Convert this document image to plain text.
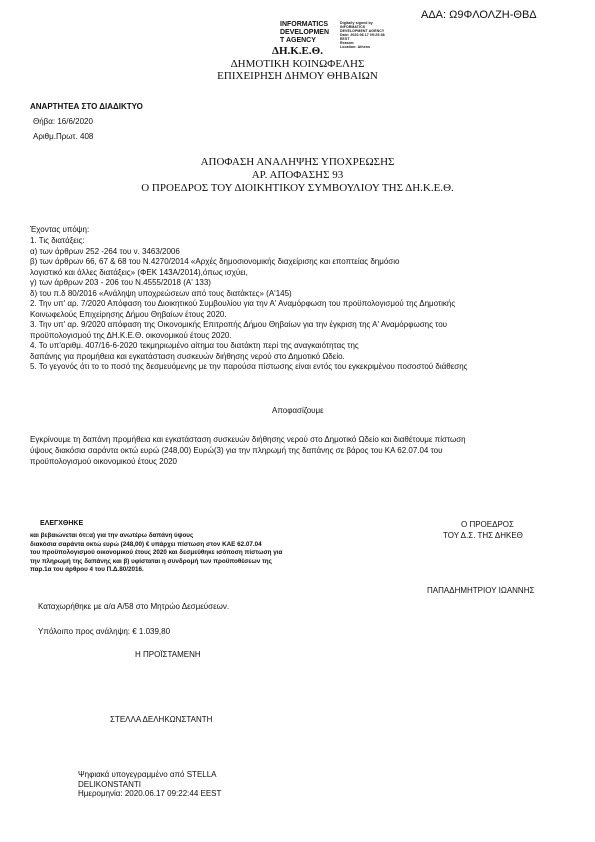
ΑΔΑ: Ω9ΦΛΟΛΖΗ-ΘΒΔ
INFORMATICS
DEVELOPMEN
T AGENCY
Digitally signed by
INFORMATICS
DEVELOPMENT AGENCY
Date: 2020.06.17 09:25:38
EEST
Reason:
Location: Athens
ΔΗ.Κ.Ε.Θ.
ΔΗΜΟΤΙΚΗ ΚΟΙΝΩΦΕΛΗΣ
ΕΠΙΧΕΙΡΗΣΗ ΔΗΜΟΥ ΘΗΒΑΙΩΝ
ΑΝΑΡΤΗΤΕΑ ΣΤΟ ΔΙΑΔΙΚΤΥΟ
Θήβα: 16/6/2020
Αριθμ.Πρωτ. 408
ΑΠΟΦΑΣΗ ΑΝΑΛΗΨΗΣ ΥΠΟΧΡΕΩΣΗΣ
ΑΡ. ΑΠΟΦΑΣΗΣ 93
Ο ΠΡΟΕΔΡΟΣ ΤΟΥ ΔΙΟΙΚΗΤΙΚΟΥ ΣΥΜΒΟΥΛΙΟΥ ΤΗΣ ΔΗ.Κ.Ε.Θ.
Έχοντας υπόψη:
1. Τις διατάξεις:
α) των άρθρων 252 -264 του ν. 3463/2006
β) των άρθρων 66, 67 & 68 του Ν.4270/2014 «Αρχές δημοσιονομικής διαχείρισης και εποπτείας δημόσιο
λογιστικό και άλλες διατάξεις» (ΦΕΚ 143Α/2014),όπως ισχύει,
γ) των άρθρων 203 - 206 του Ν.4555/2018 (Α' 133)
δ) του π.δ 80/2016 «Ανάληψη υποχρεώσεων από τους διατάκτες» (Α'145)
2. Την υπ' αρ. 7/2020 Απόφαση του Διοικητικού Συμβουλίου για την Α' Αναμόρφωση του προϋπολογισμού της Δημοτικής
Κοινωφελούς Επιχείρησης Δήμου Θηβαίων έτους 2020.
3. Την υπ' αρ. 9/2020 απόφαση της Οικονομικής Επιτροπής Δήμου Θηβαίων για την έγκριση της Α' Αναμόρφωσης του
προϋπολογισμού της ΔΗ.Κ.Ε.Θ. οικονομικού έτους 2020.
4. Το υπ'αριθμ. 407/16-6-2020 τεκμηριωμένο αίτημα του διατάκτη περί της αναγκαιότητας της
δαπάνης για προμήθεια και εγκατάσταση συσκευών διήθησης νερού στο Δημοτικό Ωδείο.
5. Το γεγονός ότι το το ποσό της δεσμευόμενης με την παρούσα πίστωσης είναι εντός του εγκεκριμένου ποσοστού διάθεσης
Αποφασίζουμε
Εγκρίνουμε τη δαπάνη προμήθεια και εγκατάσταση συσκευών διήθησης νερού στο Δημοτικό Ωδείο και διαθέτουμε πίστωση
ύψους διακόσια σαράντα οκτώ ευρώ (248,00) Ευρώ(3) για την πληρωμή της δαπάνης σε βάρος του ΚΑ 62.07.04 του
προϋπολογισμού οικονομικού έτους 2020
ΕΛΕΓΧΘΗΚΕ
και βεβαιώνεται ότι:α) για την ανωτέρω δαπάνη ύψους
διακόσια σαράντα οκτώ ευρώ (248,00) € υπάρχει πίστωση στον ΚΑΕ 62.07.04
του προϋπολογισμού οικονομικού έτους 2020 και δεσμεύθηκε ισόποση πίστωση για
την πληρωμή της δαπάνης και β) υφίσταται η συνδρομή των προϋποθέσεων της
παρ.1α του άρθρου 4 του Π.Δ.80/2016.
Ο ΠΡΟΕΔΡΟΣ
ΤΟΥ Δ.Σ. ΤΗΣ ΔΗΚΕΘ
ΠΑΠΑΔΗΜΗΤΡΙΟΥ ΙΩΑΝΝΗΣ
Καταχωρήθηκε με α/α Α/58 στο Μητρώο Δεσμεύσεων.
Υπόλοιπο προς ανάληψη: € 1.039,80
Η ΠΡΟΪΣΤΑΜΕΝΗ
ΣΤΕΛΛΑ ΔΕΛΗΚΩΝΣΤΑΝΤΗ
Ψηφιακά υπογεγραμμένο από STELLA
DELIKONSTANTI
Ημερομηνία: 2020.06.17 09:22:44 EEST
